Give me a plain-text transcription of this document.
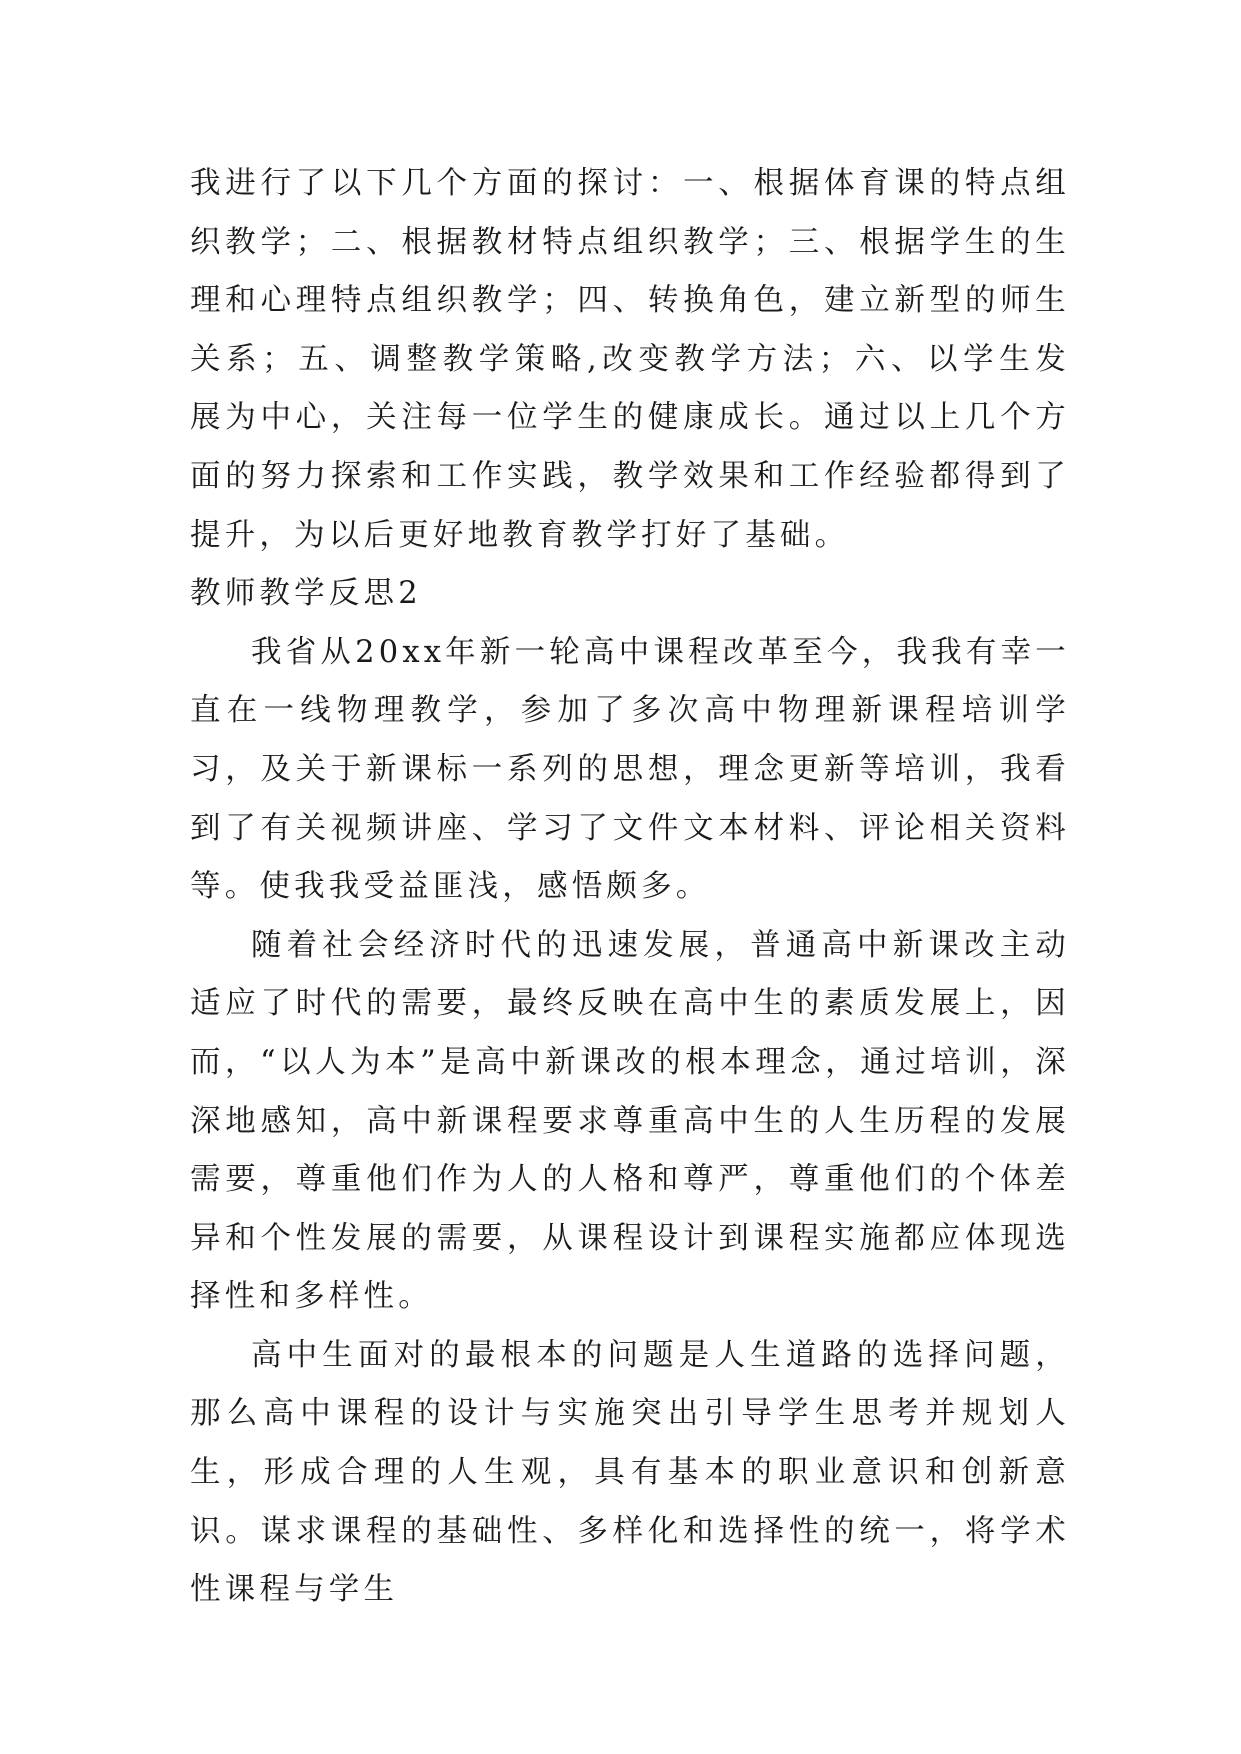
我进行了以下几个方面的探讨：一、根据体育课的特点组织教学；二、根据教材特点组织教学；三、根据学生的生理和心理特点组织教学；四、转换角色，建立新型的师生关系；五、调整教学策略,改变教学方法；六、以学生发展为中心，关注每一位学生的健康成长。通过以上几个方面的努力探索和工作实践，教学效果和工作经验都得到了提升，为以后更好地教育教学打好了基础。

教师教学反思2

我省从20xx年新一轮高中课程改革至今，我我有幸一直在一线物理教学，参加了多次高中物理新课程培训学习，及关于新课标一系列的思想，理念更新等培训，我看到了有关视频讲座、学习了文件文本材料、评论相关资料等。使我我受益匪浅，感悟颇多。

随着社会经济时代的迅速发展，普通高中新课改主动适应了时代的需要，最终反映在高中生的素质发展上，因而，“以人为本”是高中新课改的根本理念，通过培训，深深地感知，高中新课程要求尊重高中生的人生历程的发展需要，尊重他们作为人的人格和尊严，尊重他们的个体差异和个性发展的需要，从课程设计到课程实施都应体现选择性和多样性。

高中生面对的最根本的问题是人生道路的选择问题，那么高中课程的设计与实施突出引导学生思考并规划人生，形成合理的人生观，具有基本的职业意识和创新意识。谋求课程的基础性、多样化和选择性的统一，将学术性课程与学生
